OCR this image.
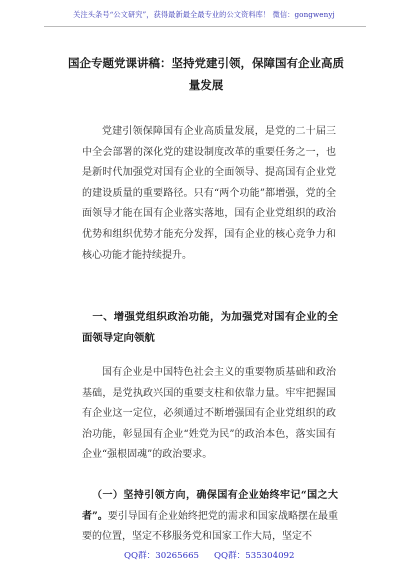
关注头条号“公文研究”，获得最新最全最专业的公文资料库！ 微信：gongwenyj
国企专题党课讲稿：坚持党建引领，保障国有企业高质量发展
党建引领保障国有企业高质量发展，是党的二十届三中全会部署的深化党的建设制度改革的重要任务之一，也是新时代加强党对国有企业的全面领导、提高国有企业党的建设质量的重要路径。只有“两个功能”都增强，党的全面领导才能在国有企业落实落地，国有企业党组织的政治优势和组织优势才能充分发挥，国有企业的核心竞争力和核心功能才能持续提升。
一、增强党组织政治功能，为加强党对国有企业的全面领导定向领航
国有企业是中国特色社会主义的重要物质基础和政治基础，是党执政兴国的重要支柱和依靠力量。牢牢把握国有企业这一定位，必须通过不断增强国有企业党组织的政治功能，彰显国有企业“姓党为民”的政治本色，落实国有企业“强根固魂”的政治要求。
（一）坚持引领方向，确保国有企业始终牢记“国之大者”。要引导国有企业始终把党的需求和国家战略摆在最重要的位置，坚定不移服务党和国家工作大局，坚定不
QQ群：30265665 QQ群：535304092
